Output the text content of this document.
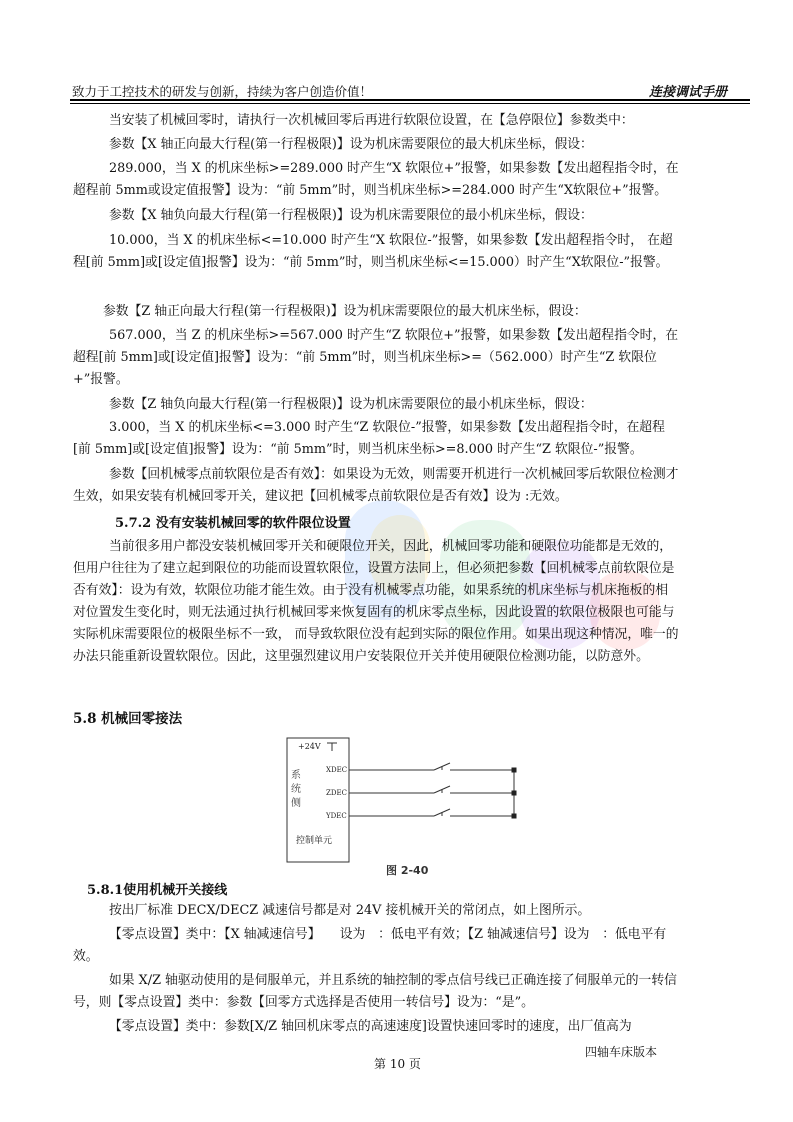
致力于工控技术的研发与创新，持续为客户创造价值！	连接调试手册

当安装了机械回零时，请执行一次机械回零后再进行软限位设置，在【急停限位】参数类中：

参数【X 轴正向最大行程(第一行程极限)】设为机床需要限位的最大机床坐标，假设：

289.000，当 X 的机床坐标>=289.000 时产生“X 软限位+”报警，如果参数【发出超程指令时，在超程前 5mm或设定值报警】设为：“前 5mm”时，则当机床坐标>=284.000 时产生“X软限位+”报警。

参数【X 轴负向最大行程(第一行程极限)】设为机床需要限位的最小机床坐标，假设：

10.000，当 X 的机床坐标<=10.000 时产生“X 软限位-”报警，如果参数【发出超程指令时， 在超程[前 5mm]或[设定值]报警】设为：“前 5mm”时，则当机床坐标<=15.000）时产生“X软限位-”报警。

参数【Z 轴正向最大行程(第一行程极限)】设为机床需要限位的最大机床坐标，假设：

567.000，当 Z 的机床坐标>=567.000 时产生“Z 软限位+”报警，如果参数【发出超程指令时，在超程[前 5mm]或[设定值]报警】设为：“前 5mm”时，则当机床坐标>=（562.000）时产生“Z 软限位+”报警。

参数【Z 轴负向最大行程(第一行程极限)】设为机床需要限位的最小机床坐标，假设：

3.000，当 X 的机床坐标<=3.000 时产生“Z 软限位-”报警，如果参数【发出超程指令时，在超程[前 5mm]或[设定值]报警】设为：“前 5mm”时，则当机床坐标>=8.000 时产生“Z 软限位-”报警。

参数【回机械零点前软限位是否有效】：如果设为无效，则需要开机进行一次机械回零后软限位检测才生效，如果安装有机械回零开关，建议把【回机械零点前软限位是否有效】设为 :无效。

5.7.2 没有安装机械回零的软件限位设置

当前很多用户都没安装机械回零开关和硬限位开关，因此，机械回零功能和硬限位功能都是无效的，但用户往往为了建立起到限位的功能而设置软限位，设置方法同上，但必须把参数【回机械零点前软限位是否有效】：设为有效，软限位功能才能生效。由于没有机械零点功能，如果系统的机床坐标与机床拖板的相对位置发生变化时，则无法通过执行机械回零来恢复固有的机床零点坐标，因此设置的软限位极限也可能与实际机床需要限位的极限坐标不一致， 而导致软限位没有起到实际的限位作用。如果出现这种情况，唯一的办法只能重新设置软限位。因此，这里强烈建议用户安装限位开关并使用硬限位检测功能，以防意外。

5.8 机械回零接法
+24V
系
统
侧
XDEC
ZDEC
YDEC
控制单元
图 2-40
5.8.1使用机械开关接线

按出厂标准 DECX/DECZ 减速信号都是对 24V 接机械开关的常闭点，如上图所示。

【零点设置】类中：【X 轴减速信号】　　设为　：低电平有效；【Z 轴减速信号】设为　：低电平有效。

如果 X/Z 轴驱动使用的是伺服单元，并且系统的轴控制的零点信号线已正确连接了伺服单元的一转信号，则【零点设置】类中：参数【回零方式选择是否使用一转信号】设为：“是”。

【零点设置】类中：参数[X/Z 轴回机床零点的高速速度]设置快速回零时的速度，出厂值高为

四轴车床版本
第 10 页
